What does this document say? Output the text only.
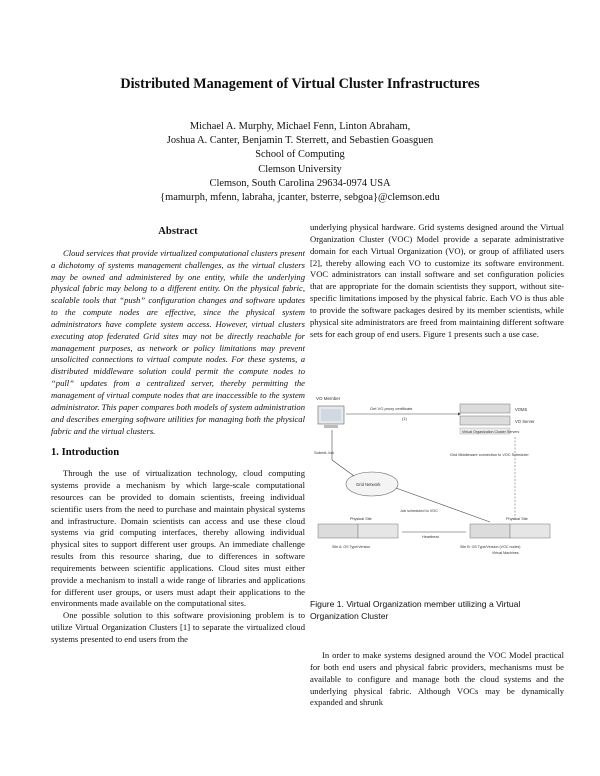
Distributed Management of Virtual Cluster Infrastructures
Michael A. Murphy, Michael Fenn, Linton Abraham,
Joshua A. Canter, Benjamin T. Sterrett, and Sebastien Goasguen
School of Computing
Clemson University
Clemson, South Carolina 29634-0974 USA
{mamurph, mfenn, labraha, jcanter, bsterre, sebgoa}@clemson.edu
Abstract

Cloud services that provide virtualized computational clusters present a dichotomy of systems management challenges, as the virtual clusters may be owned and administered by one entity, while the underlying physical fabric may belong to a different entity. On the physical fabric, scalable tools that “push” configuration changes and software updates to the compute nodes are effective, since the physical system administrators have complete system access. However, virtual clusters executing atop federated Grid sites may not be directly reachable for management purposes, as network or policy limitations may prevent unsolicited connections to virtual compute nodes. For these systems, a distributed middleware solution could permit the compute nodes to “pull” updates from a centralized server, thereby permitting the management of virtual compute nodes that are inaccessible to the system administrator. This paper compares both models of system administration and describes emerging software utilities for managing both the physical fabric and the virtual clusters.

1. Introduction

Through the use of virtualization technology, cloud computing systems provide a mechanism by which large-scale computational resources can be provided to domain scientists, freeing individual scientific users from the need to purchase and maintain physical systems and infrastructure. Domain scientists can access and use these cloud systems via grid computing interfaces, thereby allowing individual physical sites to support different user groups. An immediate challenge results from this resource sharing, due to differences in software requirements between scientific applications. Cloud sites must either provide a mechanism to install a wide range of libraries and applications for different user groups, or users must adapt their applications to the environments made available on the computational sites.

One possible solution to this software provisioning problem is to utilize Virtual Organization Clusters [1] to separate the virtualized cloud systems presented to end users from the

underlying physical hardware. Grid systems designed around the Virtual Organization Cluster (VOC) Model provide a separate administrative domain for each Virtual Organization (VO), or group of affiliated users [2], thereby allowing each VO to customize its software environment. VOC administrators can install software and set configuration policies that are appropriate for the domain scientists they support, without site-specific limitations imposed by the physical fabric. Each VO is thus able to provide the software packages desired by its member scientists, while physical site administrators are freed from maintaining different software sets for each group of end users. Figure 1 presents such a use case.

VO Member
VOMS
VO Server
Virtual Organization Cluster Servers
Get VO proxy certificate
(1)
Submit Job
Grid Network
Grid Middleware connection to VOC Scheduler
Job scheduled to VOC
Physical Site
Site A: OS Type/Version
Physical Site
Site B: OS Type/Version (VOC nodes)
Virtual Machines
Heartbeat
Figure 1. Virtual Organization member utilizing a Virtual Organization Cluster

In order to make systems designed around the VOC Model practical for both end users and physical fabric providers, mechanisms must be available to configure and manage both the cloud systems and the underlying physical fabric. Although VOCs may be dynamically expanded and shrunk
